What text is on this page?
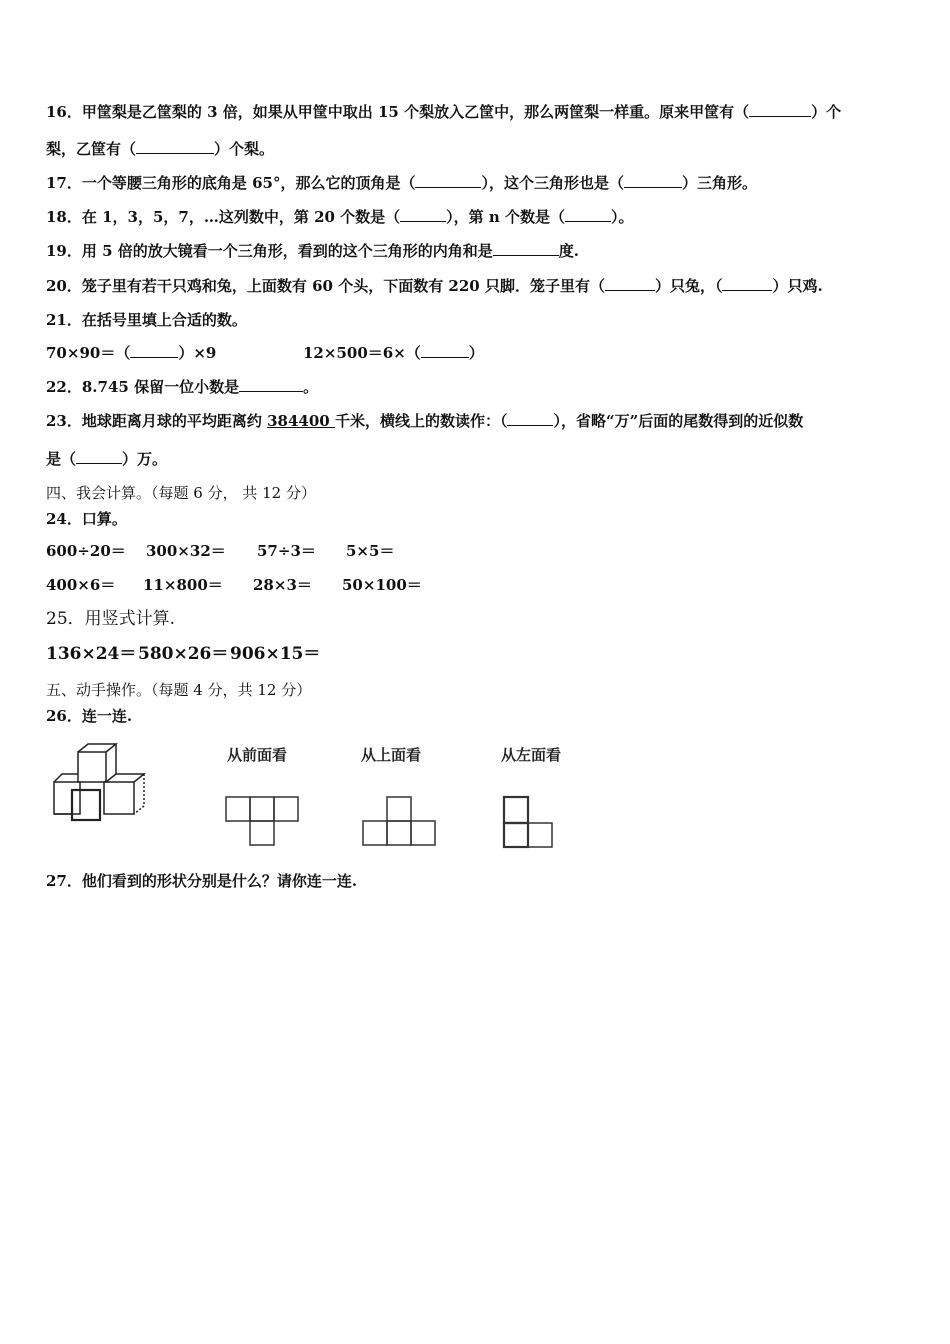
16．甲筐梨是乙筐梨的 3 倍，如果从甲筐中取出 15 个梨放入乙筐中，那么两筐梨一样重。原来甲筐有（	）个
梨，乙筐有（	）个梨。
17．一个等腰三角形的底角是 65°，那么它的顶角是（	），这个三角形也是（	）三角形。
18．在 1，3，5，7，…这列数中，第 20 个数是（	），第 n 个数是（	）。
19．用 5 倍的放大镜看一个三角形，看到的这个三角形的内角和是	度.
20．笼子里有若干只鸡和兔，上面数有 60 个头，下面数有 220 只脚．笼子里有（	）只兔，（	）只鸡.
21．在括号里填上合适的数。
70×90＝（	）×9	12×500＝6×（	）
22．8.745 保留一位小数是	。
23．地球距离月球的平均距离约 384400 千米，横线上的数读作：（	），省略“万”后面的尾数得到的近似数
是（	）万。
四、我会计算。（每题 6 分， 共 12 分）
24．口算。
600÷20＝ 300×32＝ 57÷3＝ 5×5＝
400×6＝ 11×800＝ 28×3＝ 50×100＝
25．用竖式计算.
136×24＝ 580×26＝ 906×15＝
五、动手操作。（每题 4 分，共 12 分）
26．连一连.
从前面看	从上面看	从左面看
27．他们看到的形状分别是什么？请你连一连.
